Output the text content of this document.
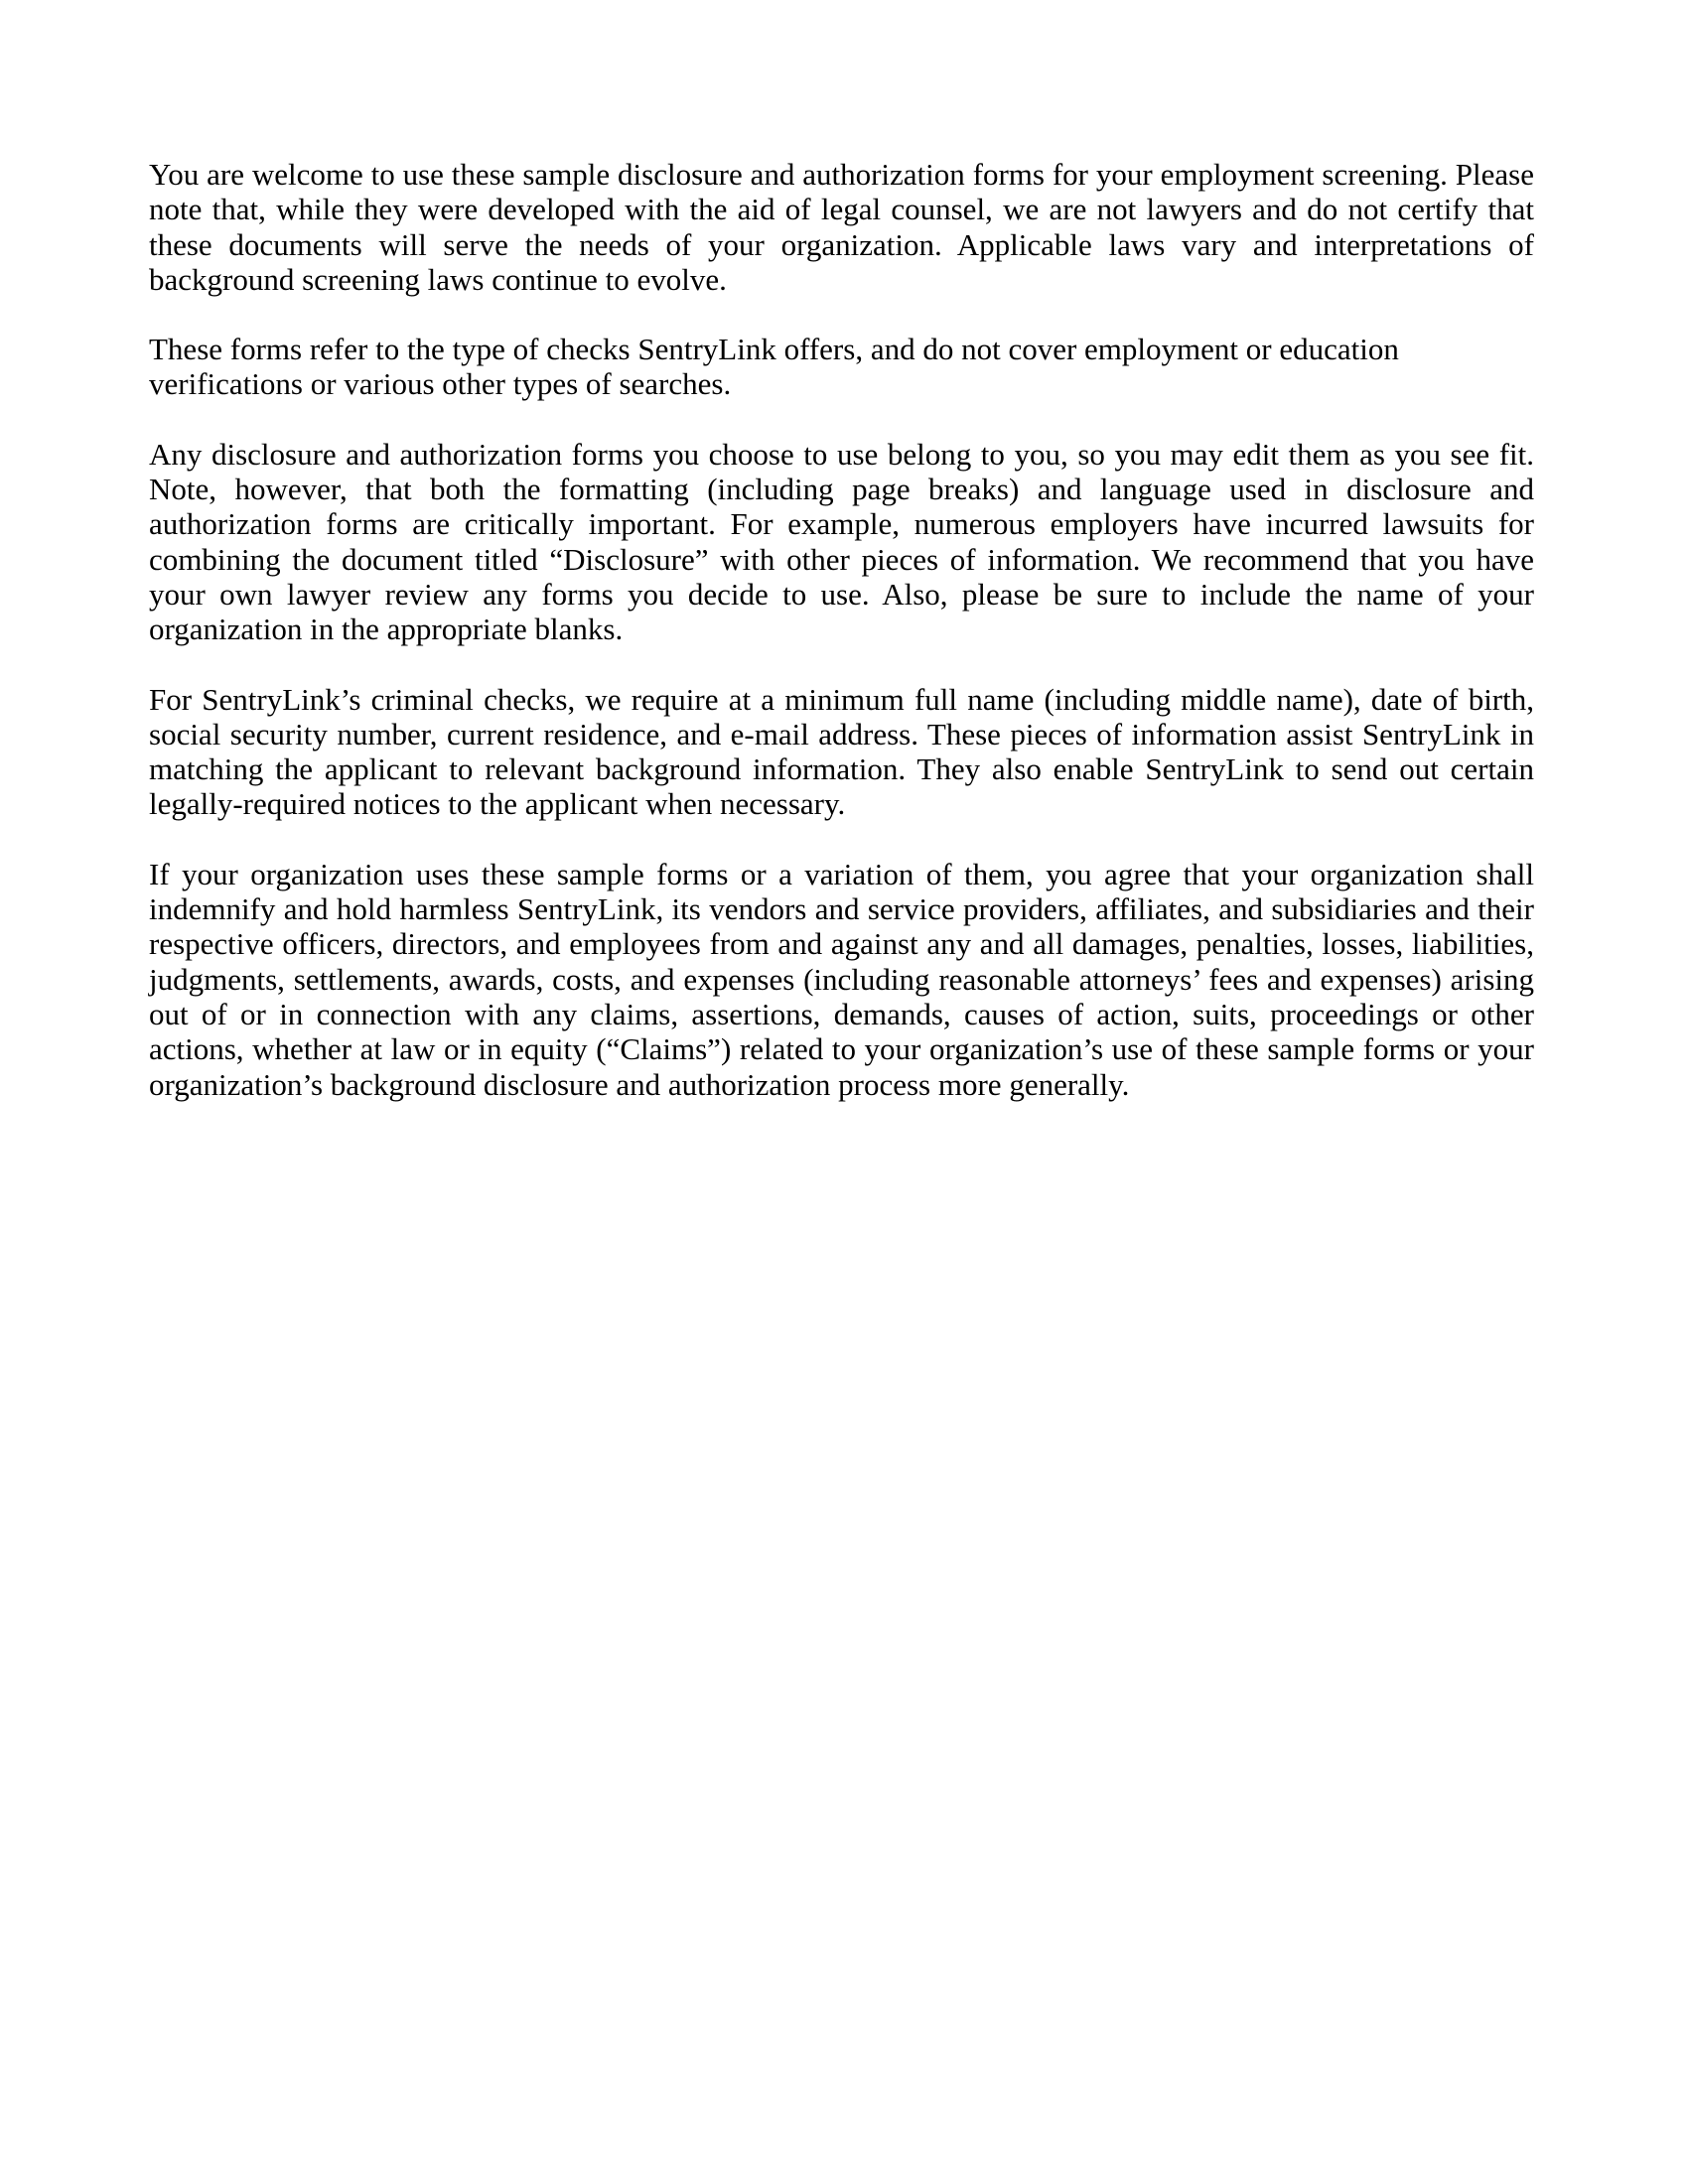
You are welcome to use these sample disclosure and authorization forms for your employment screening. Please note that, while they were developed with the aid of legal counsel, we are not lawyers and do not certify that these documents will serve the needs of your organization. Applicable laws vary and interpretations of background screening laws continue to evolve.

These forms refer to the type of checks SentryLink offers, and do not cover employment or education verifications or various other types of searches.

Any disclosure and authorization forms you choose to use belong to you, so you may edit them as you see fit. Note, however, that both the formatting (including page breaks) and language used in disclosure and authorization forms are critically important. For example, numerous employers have incurred lawsuits for combining the document titled “Disclosure” with other pieces of information. We recommend that you have your own lawyer review any forms you decide to use. Also, please be sure to include the name of your organization in the appropriate blanks.

For SentryLink’s criminal checks, we require at a minimum full name (including middle name), date of birth, social security number, current residence, and e-mail address. These pieces of information assist SentryLink in matching the applicant to relevant background information. They also enable SentryLink to send out certain legally-required notices to the applicant when necessary.

If your organization uses these sample forms or a variation of them, you agree that your organization shall indemnify and hold harmless SentryLink, its vendors and service providers, affiliates, and subsidiaries and their respective officers, directors, and employees from and against any and all damages, penalties, losses, liabilities, judgments, settlements, awards, costs, and expenses (including reasonable attorneys’ fees and expenses) arising out of or in connection with any claims, assertions, demands, causes of action, suits, proceedings or other actions, whether at law or in equity (“Claims”) related to your organization’s use of these sample forms or your organization’s background disclosure and authorization process more generally.
